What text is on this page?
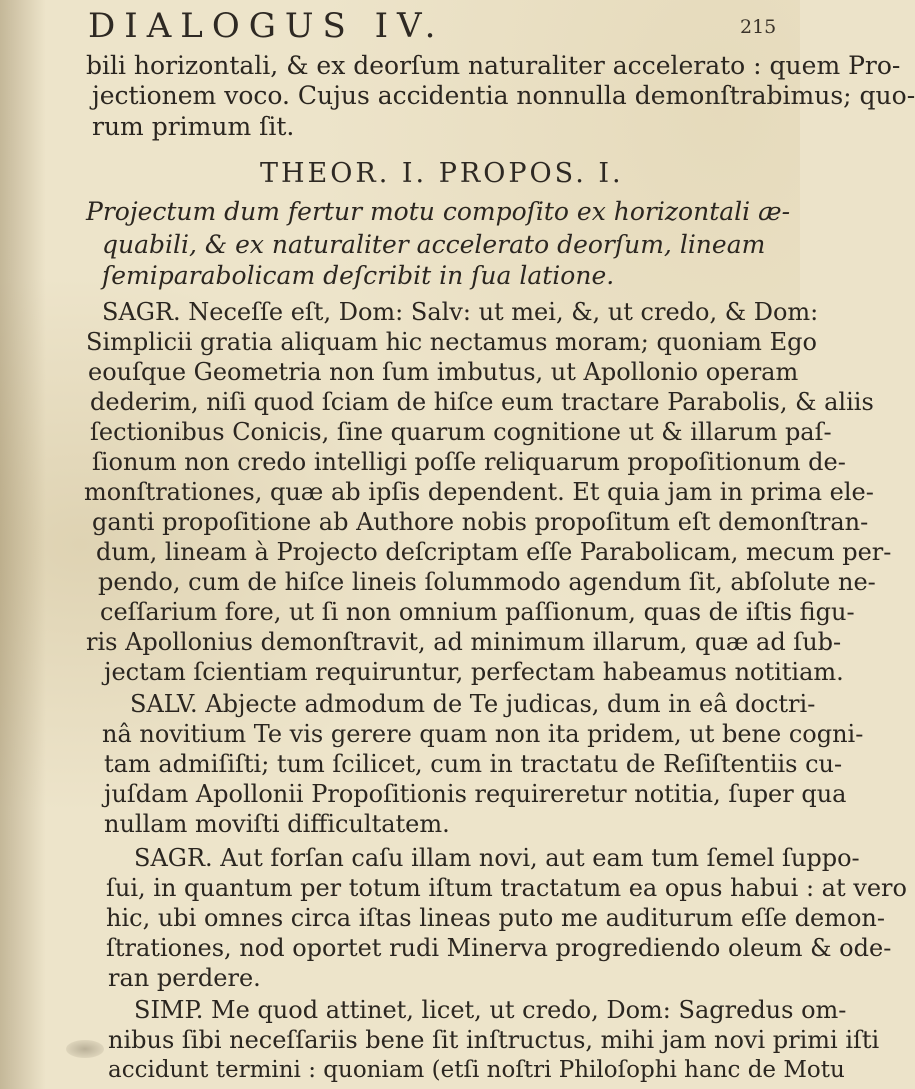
DIALOGUS IV.	215
bili horizontali, & ex deorſum naturaliter accelerato : quem Pro-
jectionem voco. Cujus accidentia nonnulla demonſtrabimus; quo-
rum primum ſit.
THEOR. I. PROPOS. I.
Projectum dum fertur motu compoſito ex horizontali æ-
quabili, & ex naturaliter accelerato deorſum, lineam
ſemiparabolicam deſcribit in ſua latione.
SAGR. Neceſſe eſt, Dom: Salv: ut mei, &, ut credo, & Dom:
Simplicii gratia aliquam hic nectamus moram; quoniam Ego
eouſque Geometria non ſum imbutus, ut Apollonio operam
dederim, niſi quod ſciam de hiſce eum tractare Parabolis, & aliis
ſectionibus Conicis, ſine quarum cognitione ut & illarum paſ-
ſionum non credo intelligi poſſe reliquarum propoſitionum de-
monſtrationes, quæ ab ipſis dependent. Et quia jam in prima ele-
ganti propoſitione ab Authore nobis propoſitum eſt demonſtran-
dum, lineam à Projecto deſcriptam eſſe Parabolicam, mecum per-
pendo, cum de hiſce lineis ſolummodo agendum ſit, abſolute ne-
ceſſarium fore, ut ſi non omnium paſſionum, quas de iſtis figu-
ris Apollonius demonſtravit, ad minimum illarum, quæ ad ſub-
jectam ſcientiam requiruntur, perfectam habeamus notitiam.
SALV. Abjecte admodum de Te judicas, dum in eâ doctri-
nâ novitium Te vis gerere quam non ita pridem, ut bene cogni-
tam admiſiſti; tum ſcilicet, cum in tractatu de Reſiſtentiis cu-
juſdam Apollonii Propoſitionis requireretur notitia, ſuper qua
nullam moviſti difficultatem.
SAGR. Aut forſan caſu illam novi, aut eam tum ſemel ſuppo-
ſui, in quantum per totum iſtum tractatum ea opus habui : at vero
hic, ubi omnes circa iſtas lineas puto me auditurum eſſe demon-
ſtrationes, nod oportet rudi Minerva progrediendo oleum & ode-
ran perdere.
SIMP. Me quod attinet, licet, ut credo, Dom: Sagredus om-
nibus ſibi neceſſariis bene ſit inſtructus, mihi jam novi primi iſti
accidunt termini : quoniam (etſi noſtri Philoſophi hanc de Motu
